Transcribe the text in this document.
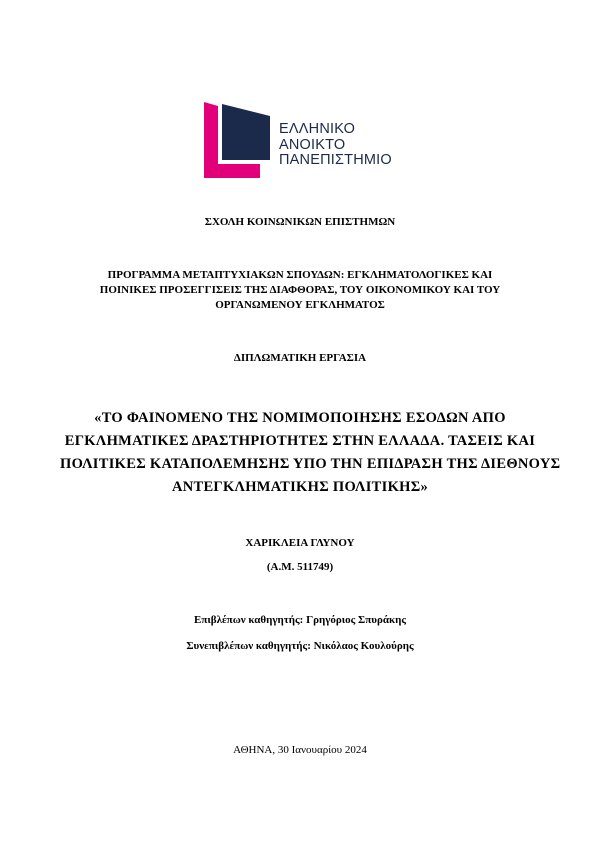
ΕΛΛΗΝΙΚΟ
ΑΝΟΙΚΤΟ
ΠΑΝΕΠΙΣΤΗΜΙΟ
ΣΧΟΛΗ ΚΟΙΝΩΝΙΚΩΝ ΕΠΙΣΤΗΜΩΝ
ΠΡΟΓΡΑΜΜΑ ΜΕΤΑΠΤΥΧΙΑΚΩΝ ΣΠΟΥΔΩΝ: ΕΓΚΛΗΜΑΤΟΛΟΓΙΚΕΣ ΚΑΙ
ΠΟΙΝΙΚΕΣ ΠΡΟΣΕΓΓΙΣΕΙΣ ΤΗΣ ΔΙΑΦΘΟΡΑΣ, ΤΟΥ ΟΙΚΟΝΟΜΙΚΟΥ ΚΑΙ ΤΟΥ
ΟΡΓΑΝΩΜΕΝΟΥ ΕΓΚΛΗΜΑΤΟΣ
ΔΙΠΛΩΜΑΤΙΚΗ ΕΡΓΑΣΙΑ
«ΤΟ ΦΑΙΝΟΜΕΝΟ ΤΗΣ ΝΟΜΙΜΟΠΟΙΗΣΗΣ ΕΣΟΔΩΝ ΑΠΟ
ΕΓΚΛΗΜΑΤΙΚΕΣ ΔΡΑΣΤΗΡΙΟΤΗΤΕΣ ΣΤΗΝ ΕΛΛΑΔΑ. ΤΑΣΕΙΣ ΚΑΙ
ΠΟΛΙΤΙΚΕΣ ΚΑΤΑΠΟΛΕΜΗΣΗΣ ΥΠΟ ΤΗΝ ΕΠΙΔΡΑΣΗ ΤΗΣ ΔΙΕΘΝΟΥΣ
ΑΝΤΕΓΚΛΗΜΑΤΙΚΗΣ ΠΟΛΙΤΙΚΗΣ»
ΧΑΡΙΚΛΕΙΑ ΓΛΥΝΟΥ
(Α.Μ. 511749)
Επιβλέπων καθηγητής: Γρηγόριος Σπυράκης
Συνεπιβλέπων καθηγητής: Νικόλαος Κουλούρης
ΑΘΗΝΑ, 30 Ιανουαρίου 2024
